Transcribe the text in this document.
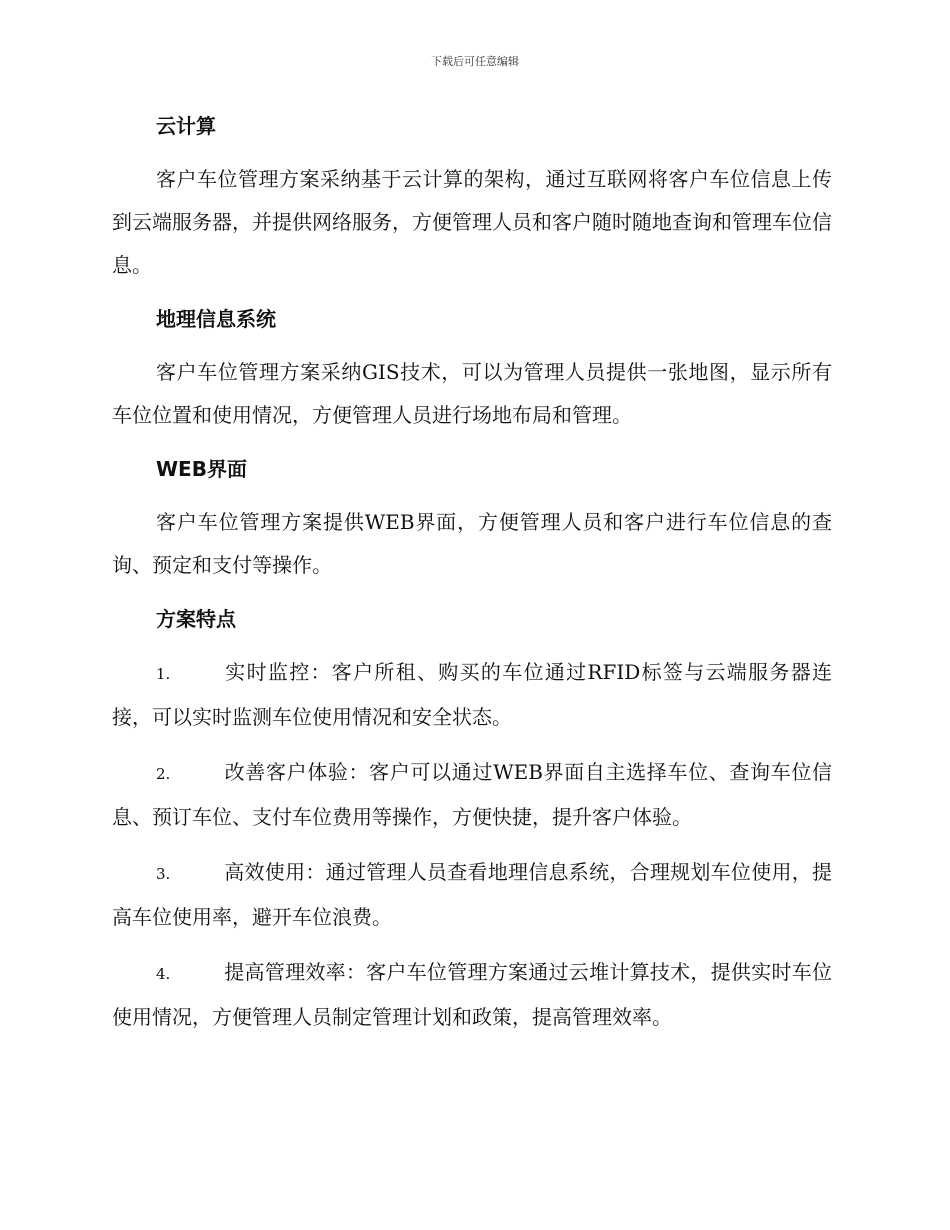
下载后可任意编辑
云计算

客户车位管理方案采纳基于云计算的架构，通过互联网将客户车位信息上传到云端服务器，并提供网络服务，方便管理人员和客户随时随地查询和管理车位信息。

地理信息系统

客户车位管理方案采纳GIS技术，可以为管理人员提供一张地图，显示所有车位位置和使用情况，方便管理人员进行场地布局和管理。

WEB界面

客户车位管理方案提供WEB界面，方便管理人员和客户进行车位信息的查询、预定和支付等操作。

方案特点

1.	实时监控：客户所租、购买的车位通过RFID标签与云端服务器连接，可以实时监测车位使用情况和安全状态。

2.	改善客户体验：客户可以通过WEB界面自主选择车位、查询车位信息、预订车位、支付车位费用等操作，方便快捷，提升客户体验。

3.	高效使用：通过管理人员查看地理信息系统，合理规划车位使用，提高车位使用率，避开车位浪费。

4.	提高管理效率：客户车位管理方案通过云堆计算技术，提供实时车位使用情况，方便管理人员制定管理计划和政策，提高管理效率。
